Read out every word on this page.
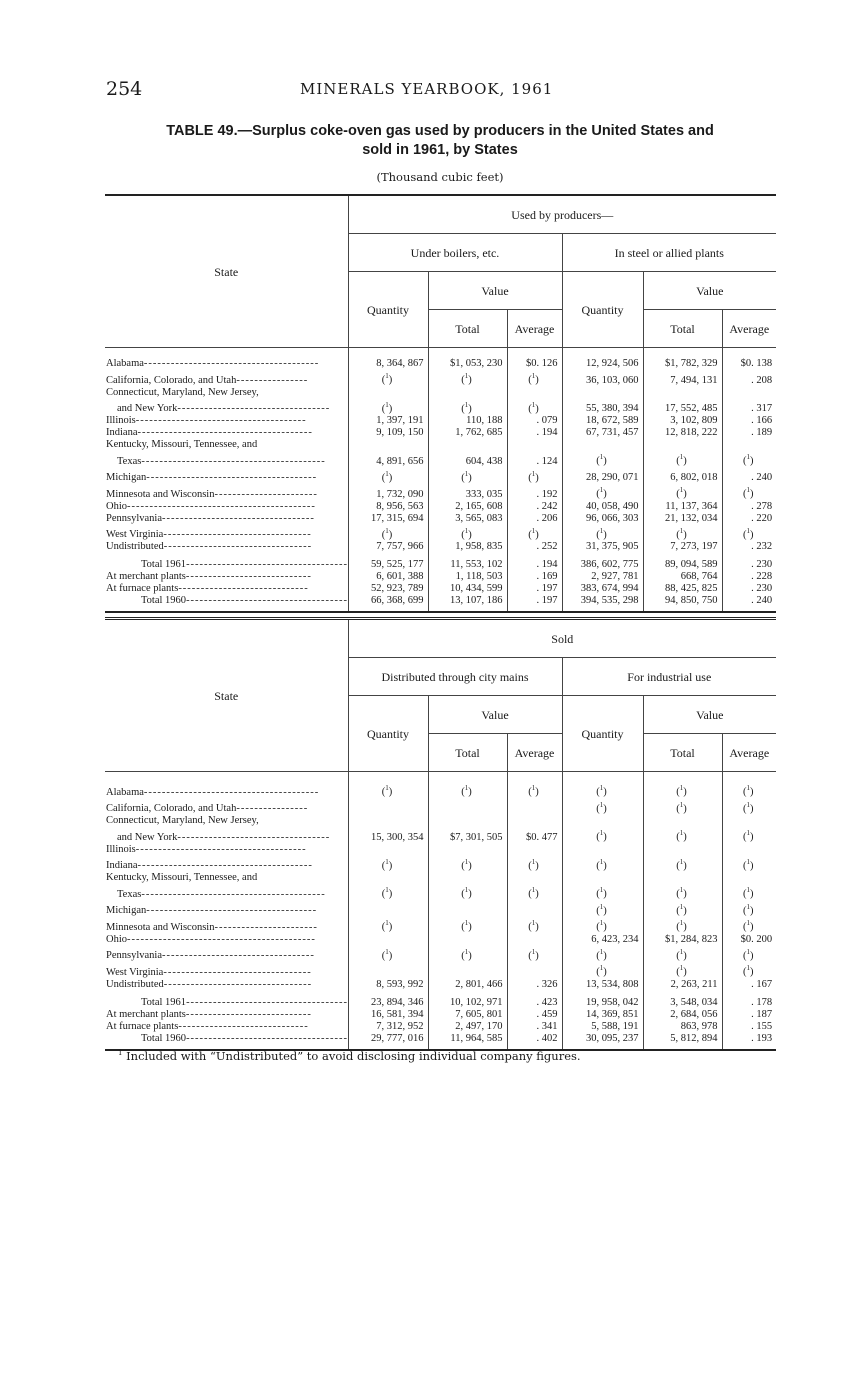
254	MINERALS YEARBOOK, 1961
TABLE 49.—Surplus coke-oven gas used by producers in the United States and
sold in 1961, by States
(Thousand cubic feet)
State	Used by producers—					
	Under boilers, etc.			In steel or allied plants		
	Quantity	Value		Quantity	Value	
		Total	Average		Total	Average

Alabama---------------------------------------	8, 364, 867	$1, 053, 230	$0. 126	12, 924, 506	$1, 782, 329	$0. 138
California, Colorado, and Utah----------------	($^1$)	($^1$)	($^1$)	36, 103, 060	7, 494, 131	. 208
Connecticut, Maryland, New Jersey,						
and New York----------------------------------	($^1$)	($^1$)	($^1$)	55, 380, 394	17, 552, 485	. 317
Illinois--------------------------------------	1, 397, 191	110, 188	. 079	18, 672, 589	3, 102, 809	. 166
Indiana---------------------------------------	9, 109, 150	1, 762, 685	. 194	67, 731, 457	12, 818, 222	. 189
Kentucky, Missouri, Tennessee, and						
Texas-----------------------------------------	4, 891, 656	604, 438	. 124	($^1$)	($^1$)	($^1$)
Michigan--------------------------------------	($^1$)	($^1$)	($^1$)	28, 290, 071	6, 802, 018	. 240
Minnesota and Wisconsin-----------------------	1, 732, 090	333, 035	. 192	($^1$)	($^1$)	($^1$)
Ohio------------------------------------------	8, 956, 563	2, 165, 608	. 242	40, 058, 490	11, 137, 364	. 278
Pennsylvania----------------------------------	17, 315, 694	3, 565, 083	. 206	96, 066, 303	21, 132, 034	. 220
West Virginia---------------------------------	($^1$)	($^1$)	($^1$)	($^1$)	($^1$)	($^1$)
Undistributed---------------------------------	7, 757, 966	1, 958, 835	. 252	31, 375, 905	7, 273, 197	. 232

Total 1961------------------------------------	59, 525, 177	11, 553, 102	. 194	386, 602, 775	89, 094, 589	. 230
At merchant plants----------------------------	6, 601, 388	1, 118, 503	. 169	2, 927, 781	668, 764	. 228
At furnace plants-----------------------------	52, 923, 789	10, 434, 599	. 197	383, 674, 994	88, 425, 825	. 230
Total 1960------------------------------------	66, 368, 699	13, 107, 186	. 197	394, 535, 298	94, 850, 750	. 240
State	Sold					
	Distributed through city mains			For industrial use		
	Quantity	Value		Quantity	Value	
		Total	Average		Total	Average

Alabama---------------------------------------	($^1$)	($^1$)	($^1$)	($^1$)	($^1$)	($^1$)
California, Colorado, and Utah----------------				($^1$)	($^1$)	($^1$)
Connecticut, Maryland, New Jersey,						
and New York----------------------------------	15, 300, 354	$7, 301, 505	$0. 477	($^1$)	($^1$)	($^1$)
Illinois--------------------------------------						
Indiana---------------------------------------	($^1$)	($^1$)	($^1$)	($^1$)	($^1$)	($^1$)
Kentucky, Missouri, Tennessee, and						
Texas-----------------------------------------	($^1$)	($^1$)	($^1$)	($^1$)	($^1$)	($^1$)
Michigan--------------------------------------				($^1$)	($^1$)	($^1$)
Minnesota and Wisconsin-----------------------	($^1$)	($^1$)	($^1$)	($^1$)	($^1$)	($^1$)
Ohio------------------------------------------				6, 423, 234	$1, 284, 823	$0. 200
Pennsylvania----------------------------------	($^1$)	($^1$)	($^1$)	($^1$)	($^1$)	($^1$)
West Virginia---------------------------------				($^1$)	($^1$)	($^1$)
Undistributed---------------------------------	8, 593, 992	2, 801, 466	. 326	13, 534, 808	2, 263, 211	. 167

Total 1961------------------------------------	23, 894, 346	10, 102, 971	. 423	19, 958, 042	3, 548, 034	. 178
At merchant plants----------------------------	16, 581, 394	7, 605, 801	. 459	14, 369, 851	2, 684, 056	. 187
At furnace plants-----------------------------	7, 312, 952	2, 497, 170	. 341	5, 588, 191	863, 978	. 155
Total 1960------------------------------------	29, 777, 016	11, 964, 585	. 402	30, 095, 237	5, 812, 894	. 193
$^1$ Included with “Undistributed” to avoid disclosing individual company figures.
